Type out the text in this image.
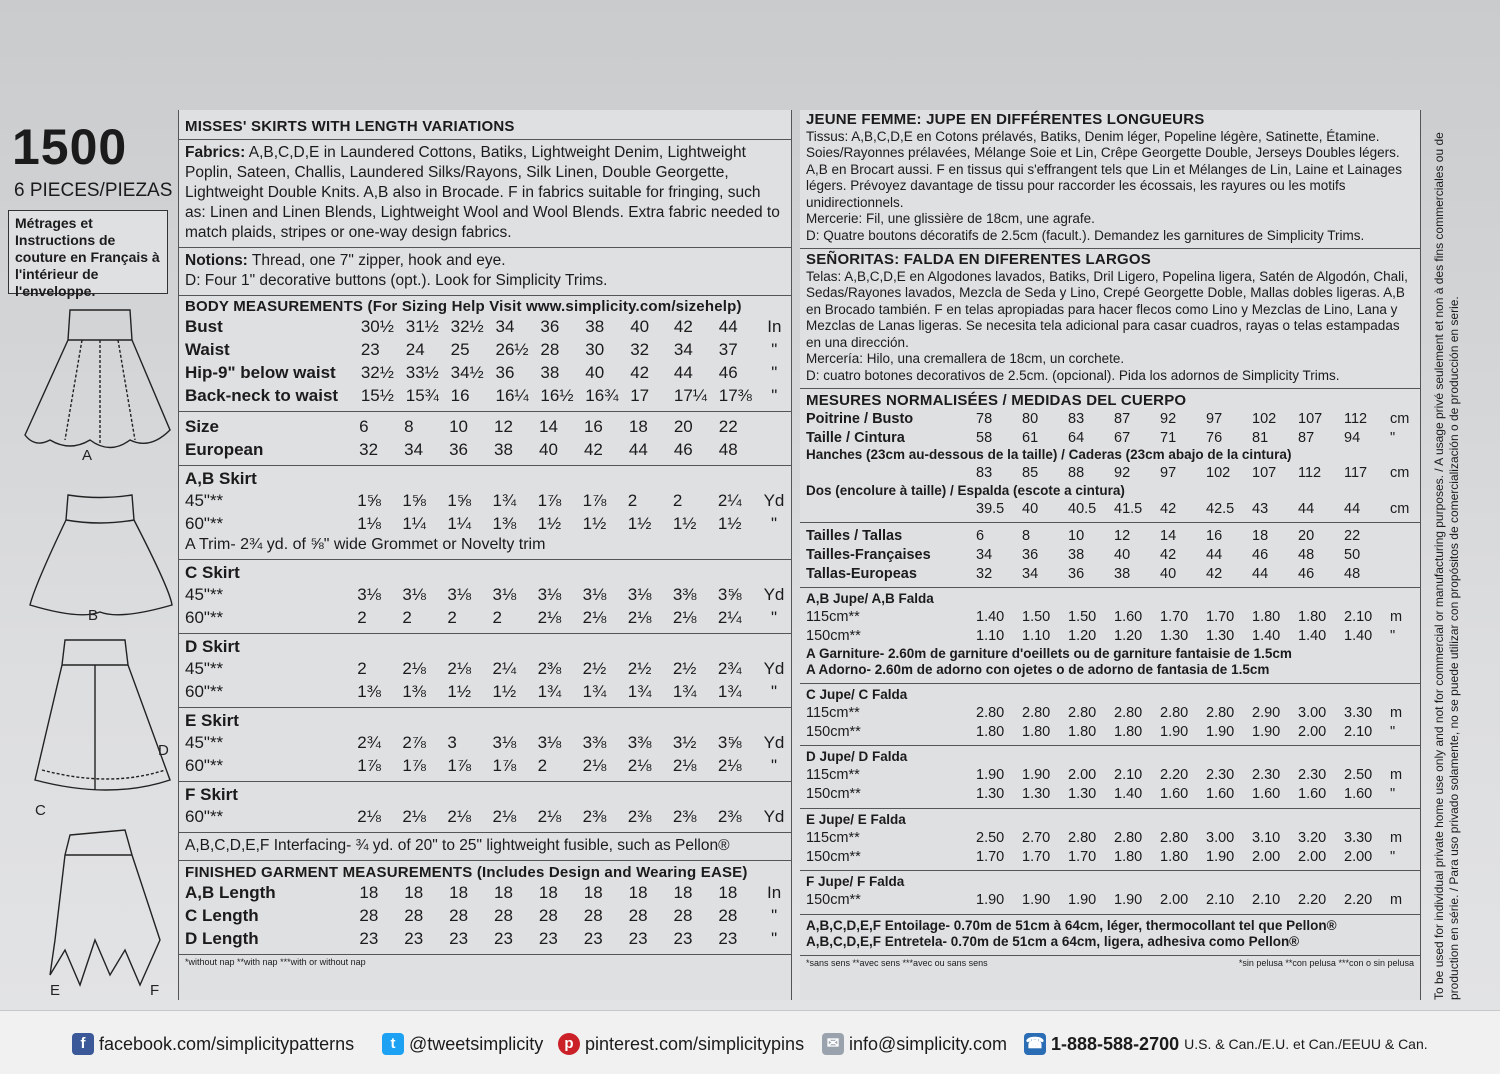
1500
6 PIECES/PIEZAS
Métrages et Instructions de couture en Français à l'intérieur de l'enveloppe.
A
B
C
D
E	F
MISSES' SKIRTS WITH LENGTH VARIATIONS
Fabrics: A,B,C,D,E in Laundered Cottons, Batiks, Lightweight Denim, Lightweight Poplin, Sateen, Challis, Laundered Silks/Rayons, Silk Linen, Double Georgette, Lightweight Double Knits. A,B also in Brocade. F in fabrics suitable for fringing, such as: Linen and Linen Blends, Lightweight Wool and Wool Blends. Extra fabric needed to match plaids, stripes or one-way design fabrics.
Notions: Thread, one 7" zipper, hook and eye.
D: Four 1" decorative buttons (opt.). Look for Simplicity Trims.
BODY MEASUREMENTS (For Sizing Help Visit www.simplicity.com/sizehelp)
Bust	30½	31½	32½	34	36	38	40	42	44	In
Waist	23	24	25	26½	28	30	32	34	37	"
Hip-9" below waist	32½	33½	34½	36	38	40	42	44	46	"
Back-neck to waist	15½	15¾	16	16¼	16½	16¾	17	17¼	17⅜	"
Size	6	8	10	12	14	16	18	20	22	
European	32	34	36	38	40	42	44	46	48	
A,B Skirt
45"**	1⅝	1⅝	1⅝	1¾	1⅞	1⅞	2	2	2¼	Yd
60"**	1⅛	1¼	1¼	1⅜	1½	1½	1½	1½	1½	"
A Trim- 2¾ yd. of ⅝" wide Grommet or Novelty trim
C Skirt
45"**	3⅛	3⅛	3⅛	3⅛	3⅛	3⅛	3⅛	3⅜	3⅝	Yd
60"**	2	2	2	2	2⅛	2⅛	2⅛	2⅛	2¼	"
D Skirt
45"**	2	2⅛	2⅛	2¼	2⅜	2½	2½	2½	2¾	Yd
60"**	1⅜	1⅜	1½	1½	1¾	1¾	1¾	1¾	1¾	"
E Skirt
45"**	2¾	2⅞	3	3⅛	3⅛	3⅜	3⅜	3½	3⅝	Yd
60"**	1⅞	1⅞	1⅞	1⅞	2	2⅛	2⅛	2⅛	2⅛	"
F Skirt
60"**	2⅛	2⅛	2⅛	2⅛	2⅛	2⅜	2⅜	2⅜	2⅜	Yd
A,B,C,D,E,F Interfacing- ¾ yd. of 20" to 25" lightweight fusible, such as Pellon®
FINISHED GARMENT MEASUREMENTS (Includes Design and Wearing EASE)
A,B Length	18	18	18	18	18	18	18	18	18	In
C Length	28	28	28	28	28	28	28	28	28	"
D Length	23	23	23	23	23	23	23	23	23	"
*without nap **with nap ***with or without nap
JEUNE FEMME: JUPE EN DIFFÉRENTES LONGUEURS
Tissus: A,B,C,D,E en Cotons prélavés, Batiks, Denim léger, Popeline légère, Satinette, Étamine. Soies/Rayonnes prélavées, Mélange Soie et Lin, Crêpe Georgette Double, Jerseys Doubles légers. A,B en Brocart aussi. F en tissus qui s'effrangent tels que Lin et Mélanges de Lin, Laine et Lainages légers. Prévoyez davantage de tissu pour raccorder les écossais, les rayures ou les motifs unidirectionnels.
Mercerie: Fil, une glissière de 18cm, une agrafe.
D: Quatre boutons décoratifs de 2.5cm (facult.). Demandez les garnitures de Simplicity Trims.
SEÑORITAS: FALDA EN DIFERENTES LARGOS
Telas: A,B,C,D,E en Algodones lavados, Batiks, Dril Ligero, Popelina ligera, Satén de Algodón, Chali, Sedas/Rayones lavados, Mezcla de Seda y Lino, Crepé Georgette Doble, Mallas dobles ligeras. A,B en Brocado también. F en telas apropiadas para hacer flecos como Lino y Mezclas de Lino, Lana y Mezclas de Lanas ligeras. Se necesita tela adicional para casar cuadros, rayas o telas estampadas en una dirección.
Mercería: Hilo, una cremallera de 18cm, un corchete.
D: cuatro botones decorativos de 2.5cm. (opcional). Pida los adornos de Simplicity Trims.
MESURES NORMALISÉES / MEDIDAS DEL CUERPO
Poitrine / Busto	78	80	83	87	92	97	102	107	112	cm
Taille / Cintura	58	61	64	67	71	76	81	87	94	"
Hanches (23cm au-dessous de la taille) / Caderas (23cm abajo de la cintura)
	83	85	88	92	97	102	107	112	117	cm
Dos (encolure à taille) / Espalda (escote a cintura)
	39.5	40	40.5	41.5	42	42.5	43	44	44	cm
Tailles / Tallas	6	8	10	12	14	16	18	20	22	
Tailles-Françaises	34	36	38	40	42	44	46	48	50	
Tallas-Europeas	32	34	36	38	40	42	44	46	48	
A,B Jupe/ A,B Falda
115cm**	1.40	1.50	1.50	1.60	1.70	1.70	1.80	1.80	2.10	m
150cm**	1.10	1.10	1.20	1.20	1.30	1.30	1.40	1.40	1.40	"
A Garniture- 2.60m de garniture d'oeillets ou de garniture fantaisie de 1.5cm
A Adorno- 2.60m de adorno con ojetes o de adorno de fantasia de 1.5cm
C Jupe/ C Falda
115cm**	2.80	2.80	2.80	2.80	2.80	2.80	2.90	3.00	3.30	m
150cm**	1.80	1.80	1.80	1.80	1.90	1.90	1.90	2.00	2.10	"
D Jupe/ D Falda
115cm**	1.90	1.90	2.00	2.10	2.20	2.30	2.30	2.30	2.50	m
150cm**	1.30	1.30	1.30	1.40	1.60	1.60	1.60	1.60	1.60	"
E Jupe/ E Falda
115cm**	2.50	2.70	2.80	2.80	2.80	3.00	3.10	3.20	3.30	m
150cm**	1.70	1.70	1.70	1.80	1.80	1.90	2.00	2.00	2.00	"
F Jupe/ F Falda
150cm**	1.90	1.90	1.90	1.90	2.00	2.10	2.10	2.20	2.20	m
A,B,C,D,E,F Entoilage- 0.70m de 51cm à 64cm, léger, thermocollant tel que Pellon®
A,B,C,D,E,F Entretela- 0.70m de 51cm a 64cm, ligera, adhesiva como Pellon®
*sans sens **avec sens ***avec ou sans sens	*sin pelusa **con pelusa ***con o sin pelusa To be used for individual private home use only and not for commercial or manufacturing purposes. / A usage privé seulement et non à des fins commerciales ou de production en série. / Para uso privado solamente, no se puede utilizar con propósitos de comercialización o de producción en serie.
f facebook.com/simplicitypatterns	t @tweetsimplicity	p pinterest.com/simplicitypins	✉ info@simplicity.com ☎ 1-888-588-2700 U.S. & Can./E.U. et Can./EEUU & Can.
